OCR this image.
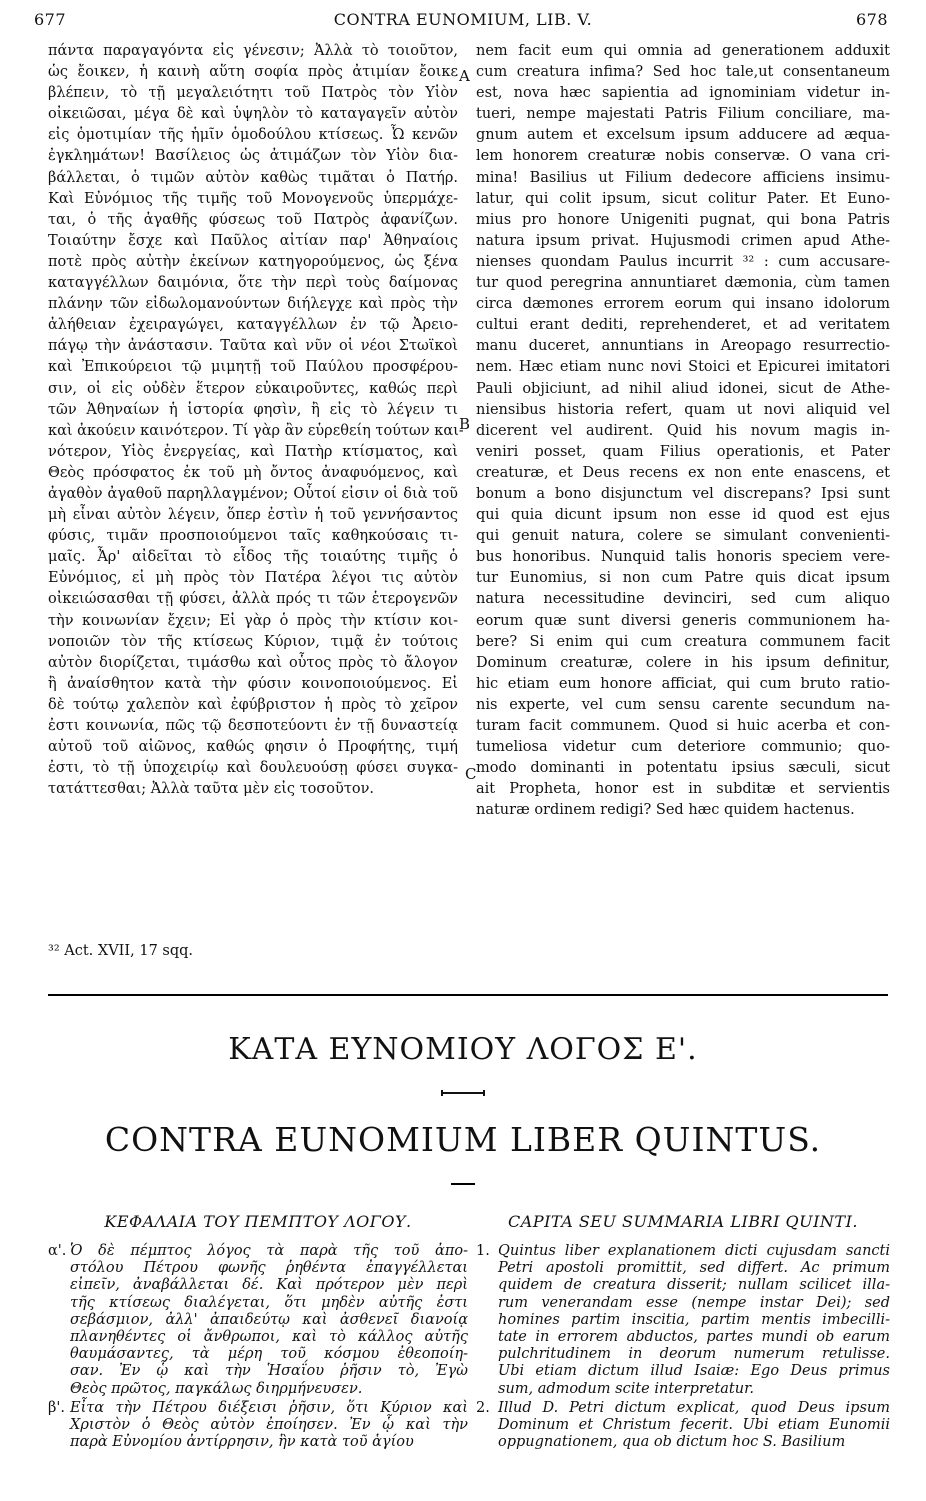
677	CONTRA EUNOMIUM, LIB. V.	678

πάντα παραγαγόντα εἰς γένεσιν; Ἀλλὰ τὸ τοιοῦτον,

ὡς ἔοικεν, ἡ καινὴ αὕτη σοφία πρὸς ἀτιμίαν ἔοικε

βλέπειν, τὸ τῇ μεγαλειότητι τοῦ Πατρὸς τὸν Υἱὸν

οἰκειῶσαι, μέγα δὲ καὶ ὑψηλὸν τὸ καταγαγεῖν αὐτὸν

εἰς ὁμοτιμίαν τῆς ἡμῖν ὁμοδούλου κτίσεως. Ὦ κενῶν

ἐγκλημάτων! Βασίλειος ὡς ἀτιμάζων τὸν Υἱὸν δια-

βάλλεται, ὁ τιμῶν αὐτὸν καθὼς τιμᾶται ὁ Πατήρ.

Καὶ Εὐνόμιος τῆς τιμῆς τοῦ Μονογενοῦς ὑπερμάχε-

ται, ὁ τῆς ἀγαθῆς φύσεως τοῦ Πατρὸς ἀφανίζων.

Τοιαύτην ἔσχε καὶ Παῦλος αἰτίαν παρ' Ἀθηναίοις

ποτὲ πρὸς αὐτὴν ἐκείνων κατηγορούμενος, ὡς ξένα

καταγγέλλων δαιμόνια, ὅτε τὴν περὶ τοὺς δαίμονας

πλάνην τῶν εἰδωλομανούντων διήλεγχε καὶ πρὸς τὴν

ἀλήθειαν ἐχειραγώγει, καταγγέλλων ἐν τῷ Ἀρειο-

πάγῳ τὴν ἀνάστασιν. Ταῦτα καὶ νῦν οἱ νέοι Στωϊκοὶ

καὶ Ἐπικούρειοι τῷ μιμητῇ τοῦ Παύλου προσφέρου-

σιν, οἱ εἰς οὐδὲν ἕτερον εὐκαιροῦντες, καθώς περὶ

τῶν Ἀθηναίων ἡ ἱστορία φησὶν, ἢ εἰς τὸ λέγειν τι

καὶ ἀκούειν καινότερον. Τί γὰρ ἂν εὑρεθείη τούτων και-

νότερον, Υἱὸς ἐνεργείας, καὶ Πατὴρ κτίσματος, καὶ

Θεὸς πρόσφατος ἐκ τοῦ μὴ ὄντος ἀναφυόμενος, καὶ

ἀγαθὸν ἀγαθοῦ παρηλλαγμένον; Οὗτοί εἰσιν οἱ διὰ τοῦ

μὴ εἶναι αὐτὸν λέγειν, ὅπερ ἐστὶν ἡ τοῦ γεννήσαντος

φύσις, τιμᾶν προσποιούμενοι ταῖς καθηκούσαις τι-

μαῖς. Ἆρ' αἰδεῖται τὸ εἶδος τῆς τοιαύτης τιμῆς ὁ

Εὐνόμιος, εἰ μὴ πρὸς τὸν Πατέρα λέγοι τις αὐτὸν

οἰκειώσασθαι τῇ φύσει, ἀλλὰ πρός τι τῶν ἑτερογενῶν

τὴν κοινωνίαν ἔχειν; Εἰ γὰρ ὁ πρὸς τὴν κτίσιν κοι-

νοποιῶν τὸν τῆς κτίσεως Κύριον, τιμᾷ ἐν τούτοις

αὐτὸν διορίζεται, τιμάσθω καὶ οὗτος πρὸς τὸ ἄλογον

ἢ ἀναίσθητον κατὰ τὴν φύσιν κοινοποιούμενος. Εἰ

δὲ τούτῳ χαλεπὸν καὶ ἐφύβριστον ἡ πρὸς τὸ χεῖρον

ἐστι κοινωνία, πῶς τῷ δεσποτεύοντι ἐν τῇ δυναστείᾳ

αὐτοῦ τοῦ αἰῶνος, καθώς φησιν ὁ Προφήτης, τιμή

ἐστι, τὸ τῇ ὑποχειρίῳ καὶ δουλευούσῃ φύσει συγκα-

τατάττεσθαι; Ἀλλὰ ταῦτα μὲν εἰς τοσοῦτον.

nem facit eum qui omnia ad generationem adduxit

cum creatura infima? Sed hoc tale,ut consentaneum

est, nova hæc sapientia ad ignominiam videtur in-

tueri, nempe majestati Patris Filium conciliare, ma-

gnum autem et excelsum ipsum adducere ad æqua-

lem honorem creaturæ nobis conservæ. O vana cri-

mina! Basilius ut Filium dedecore afficiens insimu-

latur, qui colit ipsum, sicut colitur Pater. Et Euno-

mius pro honore Unigeniti pugnat, qui bona Patris

natura ipsum privat. Hujusmodi crimen apud Athe-

nienses quondam Paulus incurrit ³² : cum accusare-

tur quod peregrina annuntiaret dæmonia, cùm tamen

circa dæmones errorem eorum qui insano idolorum

cultui erant dediti, reprehenderet, et ad veritatem

manu duceret, annuntians in Areopago resurrectio-

nem. Hæc etiam nunc novi Stoici et Epicurei imitatori

Pauli objiciunt, ad nihil aliud idonei, sicut de Athe-

niensibus historia refert, quam ut novi aliquid vel

dicerent vel audirent. Quid his novum magis in-

veniri posset, quam Filius operationis, et Pater

creaturæ, et Deus recens ex non ente enascens, et

bonum a bono disjunctum vel discrepans? Ipsi sunt

qui quia dicunt ipsum non esse id quod est ejus

qui genuit natura, colere se simulant convenienti-

bus honoribus. Nunquid talis honoris speciem vere-

tur Eunomius, si non cum Patre quis dicat ipsum

natura necessitudine devinciri, sed cum aliquo

eorum quæ sunt diversi generis communionem ha-

bere? Si enim qui cum creatura communem facit

Dominum creaturæ, colere in his ipsum definitur,

hic etiam eum honore afficiat, qui cum bruto ratio-

nis experte, vel cum sensu carente secundum na-

turam facit communem. Quod si huic acerba et con-

tumeliosa videtur cum deteriore communio; quo-

modo dominanti in potentatu ipsius sæculi, sicut

ait Propheta, honor est in subditæ et servientis

naturæ ordinem redigi? Sed hæc quidem hactenus.

A
B
C
³² Act. XVII, 17 sqq.
ΚΑΤΑ ΕΥΝΟΜΙΟΥ ΛΟΓΟΣ Ε'.
CONTRA EUNOMIUM LIBER QUINTUS.
ΚΕΦΑΛΑΙΑ ΤΟΥ ΠΕΜΠΤΟΥ ΛΟΓΟΥ.	CAPITA SEU SUMMARIA LIBRI QUINTI.
α'. Ὁ δὲ πέμπτος λόγος τὰ παρὰ τῆς τοῦ ἀπο-
στόλου Πέτρου φωνῆς ῥηθέντα ἐπαγγέλλεται
εἰπεῖν, ἀναβάλλεται δέ. Καὶ πρότερον μὲν περὶ
τῆς κτίσεως διαλέγεται, ὅτι μηδὲν αὐτῆς ἐστι
σεβάσμιον, ἀλλ' ἀπαιδεύτῳ καὶ ἀσθενεῖ διανοίᾳ
πλανηθέντες οἱ ἄνθρωποι, καὶ τὸ κάλλος αὐτῆς
θαυμάσαντες, τὰ μέρη τοῦ κόσμου ἐθεοποίη-
σαν. Ἐν ᾧ καὶ τὴν Ἡσαΐου ῥῆσιν τὸ, Ἐγὼ
Θεὸς πρῶτος, παγκάλως διηρμήνευσεν.
β'. Εἶτα τὴν Πέτρου διέξεισι ῥῆσιν, ὅτι Κύριον καὶ
Χριστὸν ὁ Θεὸς αὐτὸν ἐποίησεν. Ἐν ᾧ καὶ τὴν
παρὰ Εὐνομίου ἀντίρρησιν, ἣν κατὰ τοῦ ἁγίου
1. Quintus liber explanationem dicti cujusdam sancti
Petri apostoli promittit, sed differt. Ac primum
quidem de creatura disserit; nullam scilicet illa-
rum venerandam esse (nempe instar Dei); sed
homines partim inscitia, partim mentis imbecilli-
tate in errorem abductos, partes mundi ob earum
pulchritudinem in deorum numerum retulisse.
Ubi etiam dictum illud Isaiæ: Ego Deus primus
sum, admodum scite interpretatur.
2. Illud D. Petri dictum explicat, quod Deus ipsum
Dominum et Christum fecerit. Ubi etiam Eunomii
oppugnationem, qua ob dictum hoc S. Basilium
